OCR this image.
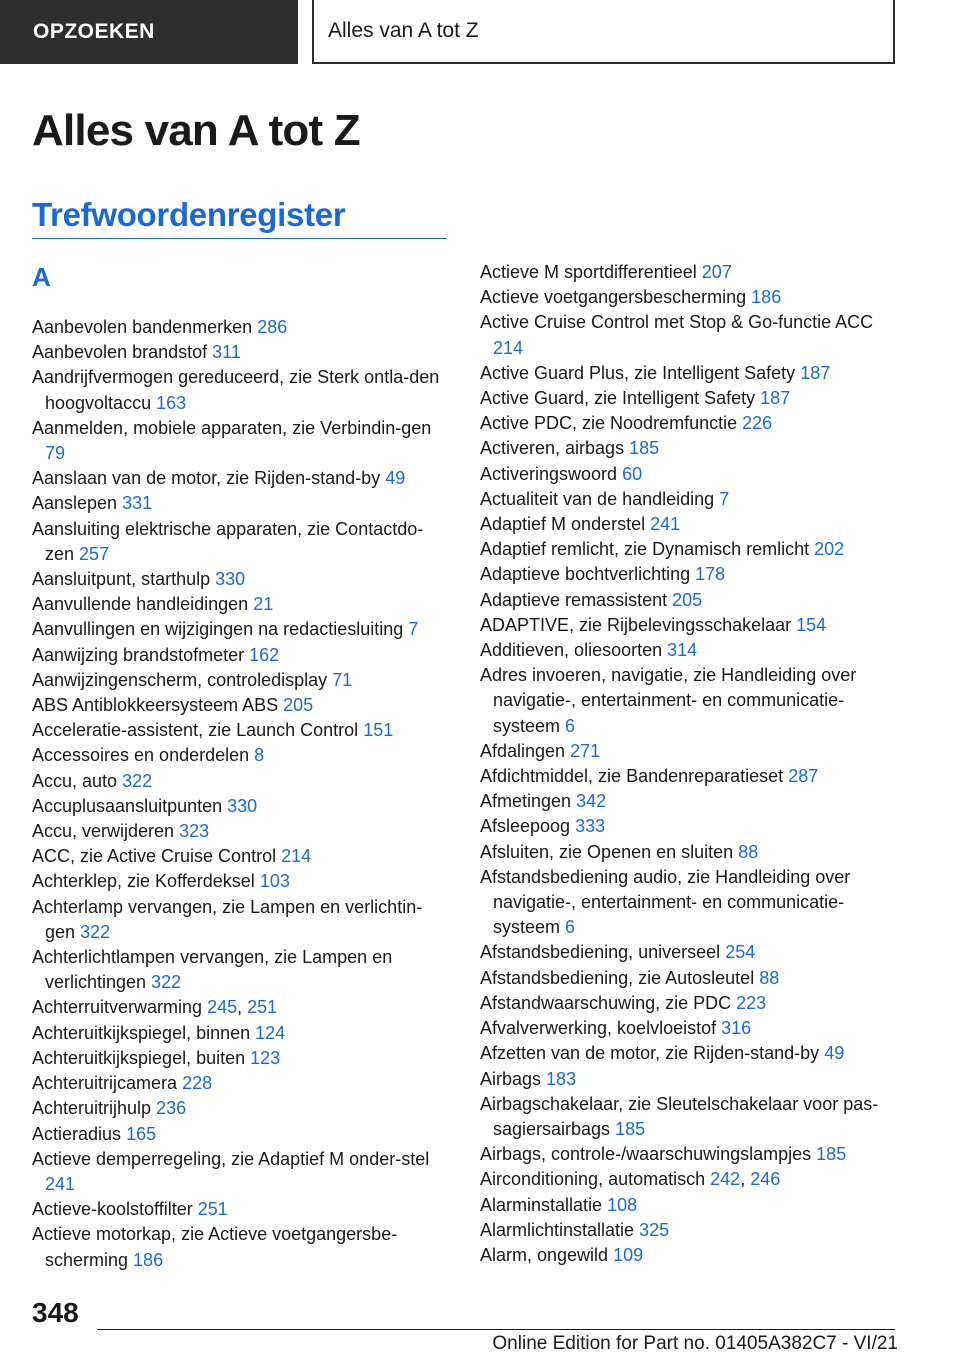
OPZOEKEN	Alles van A tot Z
Alles van A tot Z
Trefwoordenregister
A
Aanbevolen bandenmerken 286
Aanbevolen brandstof 311
Aandrijfvermogen gereduceerd, zie Sterk ontla-den hoogvoltaccu 163
Aanmelden, mobiele apparaten, zie Verbindin-gen 79
Aanslaan van de motor, zie Rijden-stand-by 49
Aanslepen 331
Aansluiting elektrische apparaten, zie Contactdo-zen 257
Aansluitpunt, starthulp 330
Aanvullende handleidingen 21
Aanvullingen en wijzigingen na redactiesluiting 7
Aanwijzing brandstofmeter 162
Aanwijzingenscherm, controledisplay 71
ABS Antiblokkeersysteem ABS 205
Acceleratie-assistent, zie Launch Control 151
Accessoires en onderdelen 8
Accu, auto 322
Accuplusaansluitpunten 330
Accu, verwijderen 323
ACC, zie Active Cruise Control 214
Achterklep, zie Kofferdeksel 103
Achterlamp vervangen, zie Lampen en verlichtin-gen 322
Achterlichtlampen vervangen, zie Lampen en verlichtingen 322
Achterruitverwarming 245, 251
Achteruitkijkspiegel, binnen 124
Achteruitkijkspiegel, buiten 123
Achteruitrijcamera 228
Achteruitrijhulp 236
Actieradius 165
Actieve demperregeling, zie Adaptief M onder-stel 241
Actieve-koolstoffilter 251
Actieve motorkap, zie Actieve voetgangersbe-scherming 186
Actieve M sportdifferentieel 207
Actieve voetgangersbescherming 186
Active Cruise Control met Stop & Go-functie ACC 214
Active Guard Plus, zie Intelligent Safety 187
Active Guard, zie Intelligent Safety 187
Active PDC, zie Noodremfunctie 226
Activeren, airbags 185
Activeringswoord 60
Actualiteit van de handleiding 7
Adaptief M onderstel 241
Adaptief remlicht, zie Dynamisch remlicht 202
Adaptieve bochtverlichting 178
Adaptieve remassistent 205
ADAPTIVE, zie Rijbelevingsschakelaar 154
Additieven, oliesoorten 314
Adres invoeren, navigatie, zie Handleiding over navigatie-, entertainment- en communicatie-systeem 6
Afdalingen 271
Afdichtmiddel, zie Bandenreparatieset 287
Afmetingen 342
Afsleepoog 333
Afsluiten, zie Openen en sluiten 88
Afstandsbediening audio, zie Handleiding over navigatie-, entertainment- en communicatie-systeem 6
Afstandsbediening, universeel 254
Afstandsbediening, zie Autosleutel 88
Afstandwaarschuwing, zie PDC 223
Afvalverwerking, koelvloeistof 316
Afzetten van de motor, zie Rijden-stand-by 49
Airbags 183
Airbagschakelaar, zie Sleutelschakelaar voor pas-sagiersairbags 185
Airbags, controle-/waarschuwingslampjes 185
Airconditioning, automatisch 242, 246
Alarminstallatie 108
Alarmlichtinstallatie 325
Alarm, ongewild 109
348
Online Edition for Part no. 01405A382C7 - VI/21
